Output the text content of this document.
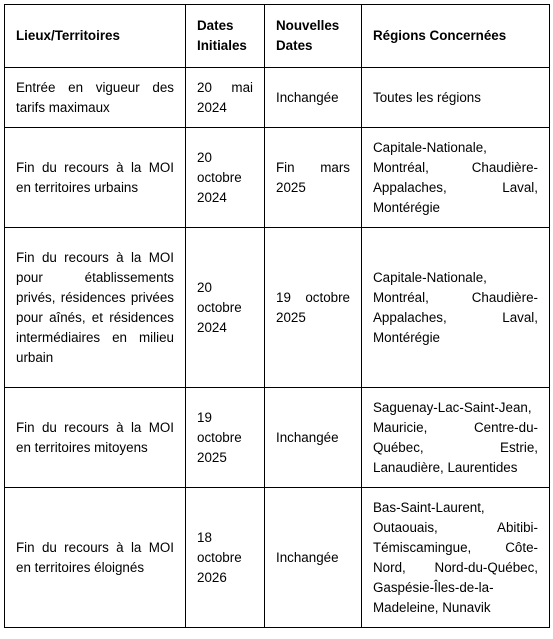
Lieux/Territoires	Dates Initiales	Nouvelles Dates	Régions Concernées
Entrée en vigueur des tarifs maximaux	20 mai 2024	Inchangée	Toutes les régions
Fin du recours à la MOI en territoires urbains	20 octobre 2024	Fin mars 2025	Capitale-Nationale, Montréal, Chaudière-Appalaches, Laval, Montérégie
Fin du recours à la MOI pour établissements privés, résidences privées pour aînés, et résidences intermédiaires en milieu urbain	20 octobre 2024	19 octobre 2025	Capitale-Nationale, Montréal, Chaudière-Appalaches, Laval, Montérégie
Fin du recours à la MOI en territoires mitoyens	19 octobre 2025	Inchangée	Saguenay-Lac-Saint-Jean, Mauricie, Centre-du-Québec, Estrie, Lanaudière, Laurentides
Fin du recours à la MOI en territoires éloignés	18 octobre 2026	Inchangée	Bas-Saint-Laurent, Outaouais, Abitibi-Témiscamingue, Côte-Nord, Nord-du-Québec, Gaspésie-Îles-de-la-Madeleine, Nunavik
